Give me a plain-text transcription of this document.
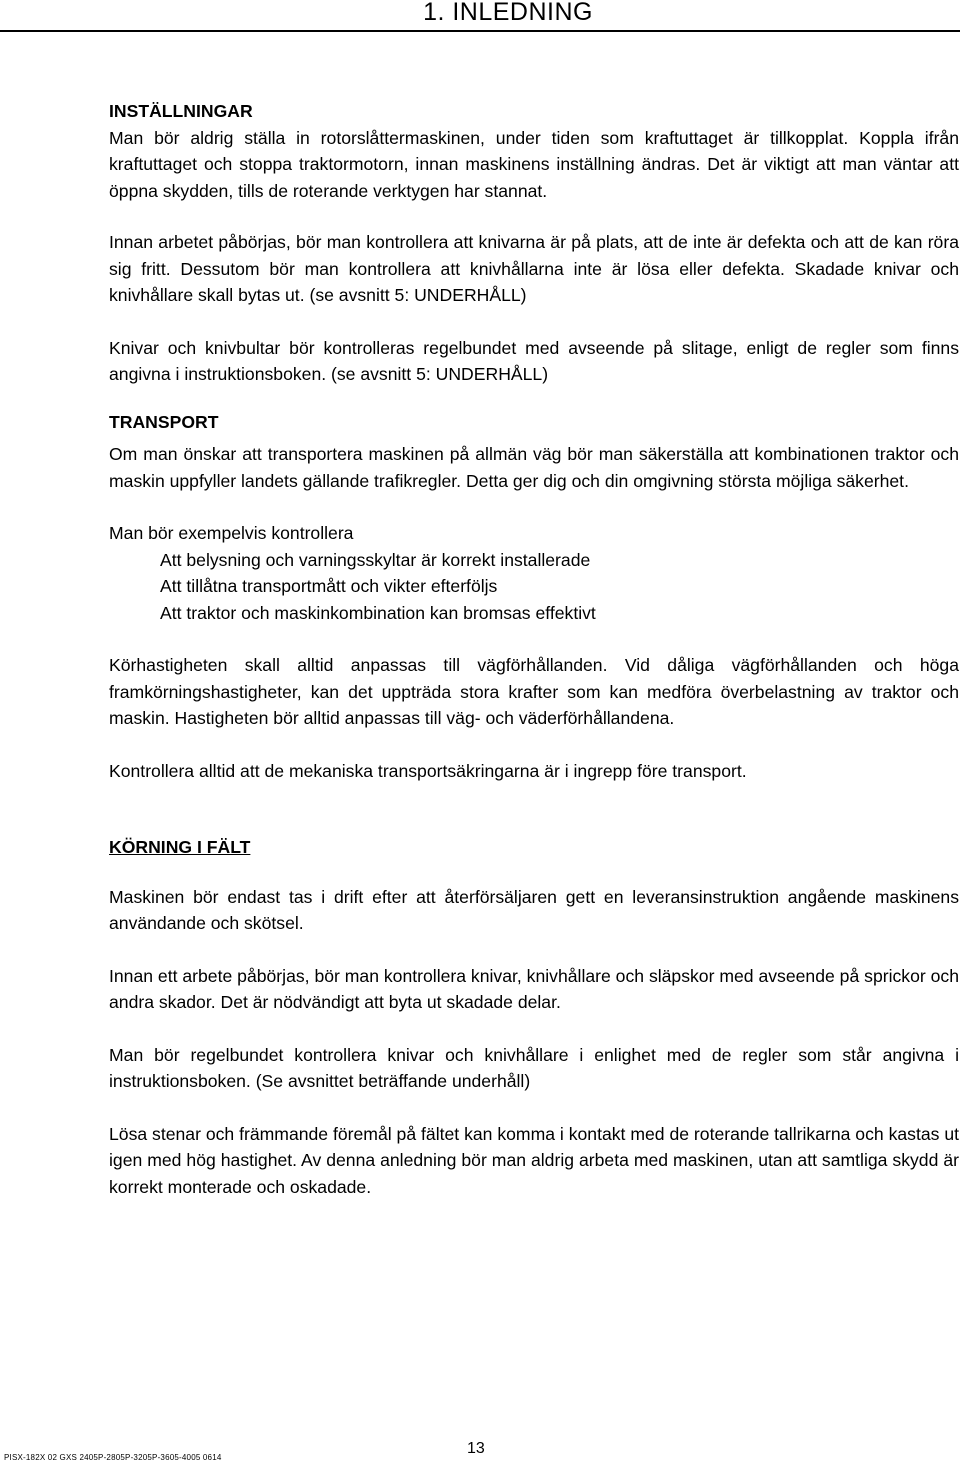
1. INLEDNING
INSTÄLLNINGAR

Man bör aldrig ställa in rotorslåttermaskinen, under tiden som kraftuttaget är tillkopplat. Koppla ifrån kraftuttaget och stoppa traktormotorn, innan maskinens inställning ändras. Det är viktigt att man väntar att öppna skydden, tills de roterande verktygen har stannat.

Innan arbetet påbörjas, bör man kontrollera att knivarna är på plats, att de inte är defekta och att de kan röra sig fritt. Dessutom bör man kontrollera att knivhållarna inte är lösa eller defekta. Skadade knivar och knivhållare skall bytas ut. (se avsnitt 5: UNDERHÅLL)

Knivar och knivbultar bör kontrolleras regelbundet med avseende på slitage, enligt de regler som finns angivna i instruktionsboken. (se avsnitt 5: UNDERHÅLL)

TRANSPORT

Om man önskar att transportera maskinen på allmän väg bör man säkerställa att kombinationen traktor och maskin uppfyller landets gällande trafikregler. Detta ger dig och din omgivning största möjliga säkerhet.

Man bör exempelvis kontrollera

Att belysning och varningsskyltar är korrekt installerade
Att tillåtna transportmått och vikter efterföljs
Att traktor och maskinkombination kan bromsas effektivt

Körhastigheten skall alltid anpassas till vägförhållanden. Vid dåliga vägförhållanden och höga framkörningshastigheter, kan det uppträda stora krafter som kan medföra överbelastning av traktor och maskin. Hastigheten bör alltid anpassas till väg- och väderförhållandena.

Kontrollera alltid att de mekaniska transportsäkringarna är i ingrepp före transport.

KÖRNING I FÄLT

Maskinen bör endast tas i drift efter att återförsäljaren gett en leveransinstruktion angående maskinens användande och skötsel.

Innan ett arbete påbörjas, bör man kontrollera knivar, knivhållare och släpskor med avseende på sprickor och andra skador. Det är nödvändigt att byta ut skadade delar.

Man bör regelbundet kontrollera knivar och knivhållare i enlighet med de regler som står angivna i instruktionsboken. (Se avsnittet beträffande underhåll)

Lösa stenar och främmande föremål på fältet kan komma i kontakt med de roterande tallrikarna och kastas ut igen med hög hastighet. Av denna anledning bör man aldrig arbeta med maskinen, utan att samtliga skydd är korrekt monterade och oskadade.

13
PISX-182X 02 GXS 2405P-2805P-3205P-3605-4005 0614
